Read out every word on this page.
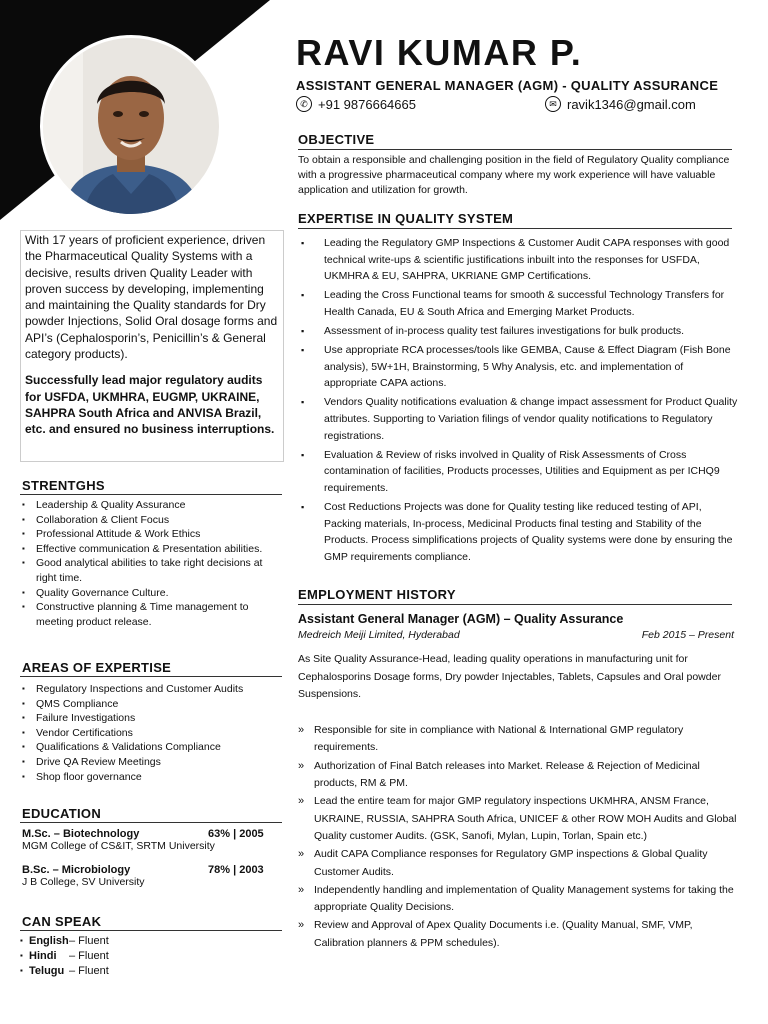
RAVI KUMAR P.
ASSISTANT GENERAL MANAGER (AGM) - QUALITY ASSURANCE
✆ +91 9876664665	✉ ravik1346@gmail.com

With 17 years of proficient experience, driven the Pharmaceutical Quality Systems with a decisive, results driven Quality Leader with proven success by developing, implementing and maintaining the Quality standards for Dry powder Injections, Solid Oral dosage forms and API’s (Cephalosporin’s, Penicillin’s & General category products).

Successfully lead major regulatory audits for USFDA, UKMHRA, EUGMP, UKRAINE, SAHPRA South Africa and ANVISA Brazil, etc. and ensured no business interruptions.

STRENTGHS
▪ Leadership & Quality Assurance
▪ Collaboration & Client Focus
▪ Professional Attitude & Work Ethics
▪ Effective communication & Presentation abilities.
▪ Good analytical abilities to take right decisions at right time.
▪ Quality Governance Culture.
▪ Constructive planning & Time management to meeting product release.
AREAS OF EXPERTISE
▪ Regulatory Inspections and Customer Audits
▪ QMS Compliance
▪ Failure Investigations
▪ Vendor Certifications
▪ Qualifications & Validations Compliance
▪ Drive QA Review Meetings
▪ Shop floor governance
EDUCATION
M.Sc. – Biotechnology	63% | 2005
MGM College of CS&IT, SRTM University
B.Sc. – Microbiology	78% | 2003
J B College, SV University
CAN SPEAK
▪ English– Fluent
▪ Hindi – Fluent
▪ Telugu – Fluent
OBJECTIVE
To obtain a responsible and challenging position in the field of Regulatory Quality compliance with a progressive pharmaceutical company where my work experience will have valuable application and utilization for growth.
EXPERTISE IN QUALITY SYSTEM
▪ Leading the Regulatory GMP Inspections & Customer Audit CAPA responses with good technical write-ups & scientific justifications inbuilt into the responses for USFDA, UKMHRA & EU, SAHPRA, UKRIANE GMP Certifications.
▪ Leading the Cross Functional teams for smooth & successful Technology Transfers for Health Canada, EU & South Africa and Emerging Market Products.
▪ Assessment of in-process quality test failures investigations for bulk products.
▪ Use appropriate RCA processes/tools like GEMBA, Cause & Effect Diagram (Fish Bone analysis), 5W+1H, Brainstorming, 5 Why Analysis, etc. and implementation of appropriate CAPA actions.
▪ Vendors Quality notifications evaluation & change impact assessment for Product Quality attributes. Supporting to Variation filings of vendor quality notifications to Regulatory registrations.
▪ Evaluation & Review of risks involved in Quality of Risk Assessments of Cross contamination of facilities, Products processes, Utilities and Equipment as per ICHQ9 requirements.
▪ Cost Reductions Projects was done for Quality testing like reduced testing of API, Packing materials, In-process, Medicinal Products final testing and Stability of the Products. Process simplifications projects of Quality systems were done by ensuring the GMP requirements compliance.
EMPLOYMENT HISTORY
Assistant General Manager (AGM) – Quality Assurance
Medreich Meiji Limited, Hyderabad	Feb 2015 – Present
As Site Quality Assurance-Head, leading quality operations in manufacturing unit for Cephalosporins Dosage forms, Dry powder Injectables, Tablets, Capsules and Oral powder Suspensions.
» Responsible for site in compliance with National & International GMP regulatory requirements.
» Authorization of Final Batch releases into Market. Release & Rejection of Medicinal products, RM & PM.
» Lead the entire team for major GMP regulatory inspections UKMHRA, ANSM France, UKRAINE, RUSSIA, SAHPRA South Africa, UNICEF & other ROW MOH Audits and Global Quality customer Audits. (GSK, Sanofi, Mylan, Lupin, Torlan, Spain etc.)
» Audit CAPA Compliance responses for Regulatory GMP inspections & Global Quality Customer Audits.
» Independently handling and implementation of Quality Management systems for taking the appropriate Quality Decisions.
» Review and Approval of Apex Quality Documents i.e. (Quality Manual, SMF, VMP, Calibration planners & PPM schedules).
